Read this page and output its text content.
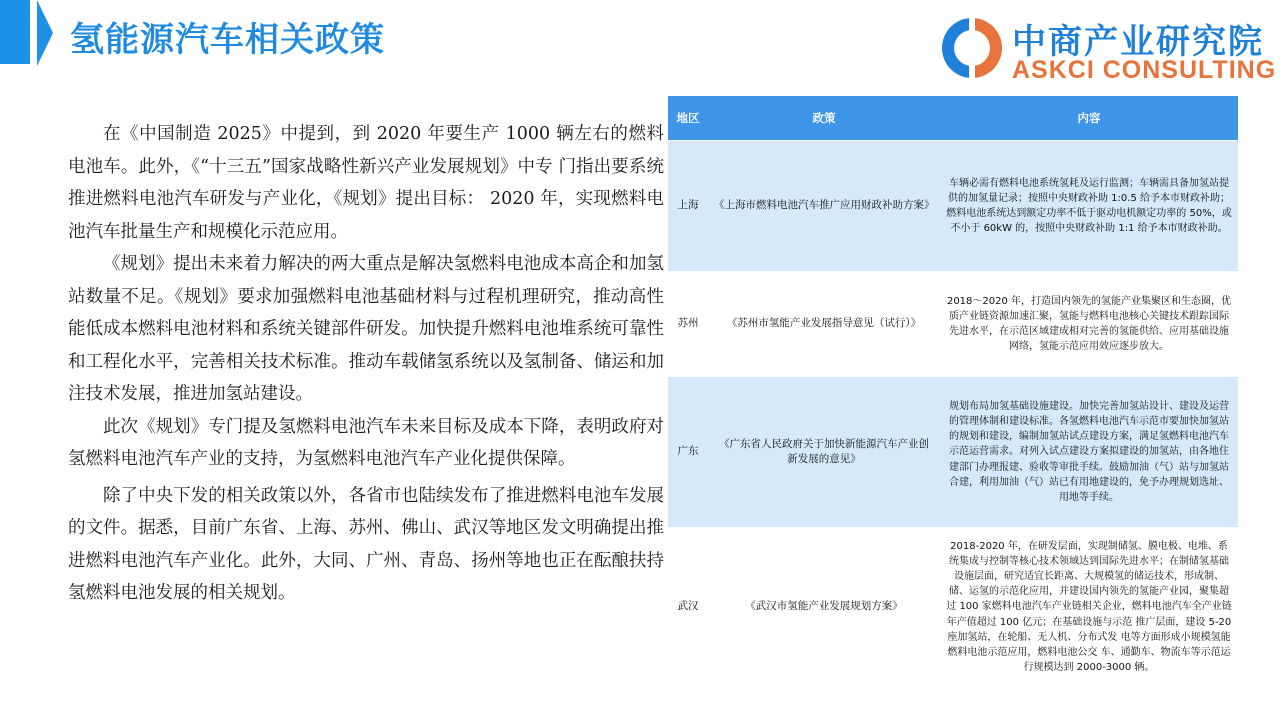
氢能源汽车相关政策	中商产业研究院
ASKCI CONSULTING

在《中国制造 2025》中提到，到 2020 年要生产 1000 辆左右的燃料 电池车。此外，《“十三五”国家战略性新兴产业发展规划》中专 门指出要系统推进燃料电池汽车研发与产业化，《规划》提出目标： 2020 年，实现燃料电池汽车批量生产和规模化示范应用。

《规划》提出未来着力解决的两大重点是解决氢燃料电池成本高企和加氢站数量不足。《规划》要求加强燃料电池基础材料与过程机理研究，推动高性能低成本燃料电池材料和系统关键部件研发。加快提升燃料电池堆系统可靠性和工程化水平，完善相关技术标准。推动车载储氢系统以及氢制备、储运和加注技术发展，推进加氢站建设。

此次《规划》专门提及氢燃料电池汽车未来目标及成本下降，表明政府对氢燃料电池汽车产业的支持，为氢燃料电池汽车产业化提供保障。

除了中央下发的相关政策以外，各省市也陆续发布了推进燃料电池车发展的文件。据悉，目前广东省、上海、苏州、佛山、武汉等地区发文明确提出推进燃料电池汽车产业化。此外，大同、广州、青岛、扬州等地也正在酝酿扶持氢燃料电池发展的相关规划。

地区	政策	内容
上海	《上海市燃料电池汽车推广应用财政补助方案》	车辆必需有燃料电池系统氢耗及运行监测；车辆需具备加氢站提供的加氢量记录；按照中央财政补助 1:0.5 给予本市财政补助；燃料电池系统达到额定功率不低于驱动电机额定功率的 50%，或不小于 60kW 的，按照中央财政补助 1:1 给予本市财政补助。
苏州	《苏州市氢能产业发展指导意见（试行）》	2018～2020 年，打造国内领先的氢能产业集聚区和生态圈，优质产业链资源加速汇聚，氢能与燃料电池核心关键技术跟踪国际先进水平，在示范区域建成相对完善的氢能供给、应用基础设施网络，氢能示范应用效应逐步放大。
广东	《广东省人民政府关于加快新能源汽车产业创新发展的意见》	规划布局加氢基础设施建设。加快完善加氢站设计、建设及运营的管理体制和建设标准。各氢燃料电池汽车示范市要加快加氢站的规划和建设，编制加氢站试点建设方案，满足氢燃料电池汽车示范运营需求。对列入试点建设方案拟建设的加氢站，由各地住建部门办理报建、验收等审批手续。鼓励加油（气）站与加氢站合建，利用加油（气）站已有用地建设的，免予办理规划选址、用地等手续。
武汉	《武汉市氢能产业发展规划方案》	2018-2020 年，在研发层面，实现制储氢、膜电极、电堆、系统集成与控制等核心技术领域达到国际先进水平；在制储氢基础设施层面，研究适宜长距离、大规模氢的储运技术，形成制、储、运氢的示范化应用，并建设国内领先的氢能产业园，聚集超过 100 家燃料电池汽车产业链相关企业，燃料电池汽车全产业链年产值超过 100 亿元；在基础设施与示范 推广层面，建设 5-20 座加氢站，在轮船、无人机、分布式发 电等方面形成小规模氢能燃料电池示范应用，燃料电池公交 车、通勤车、物流车等示范运行规模达到 2000-3000 辆。
